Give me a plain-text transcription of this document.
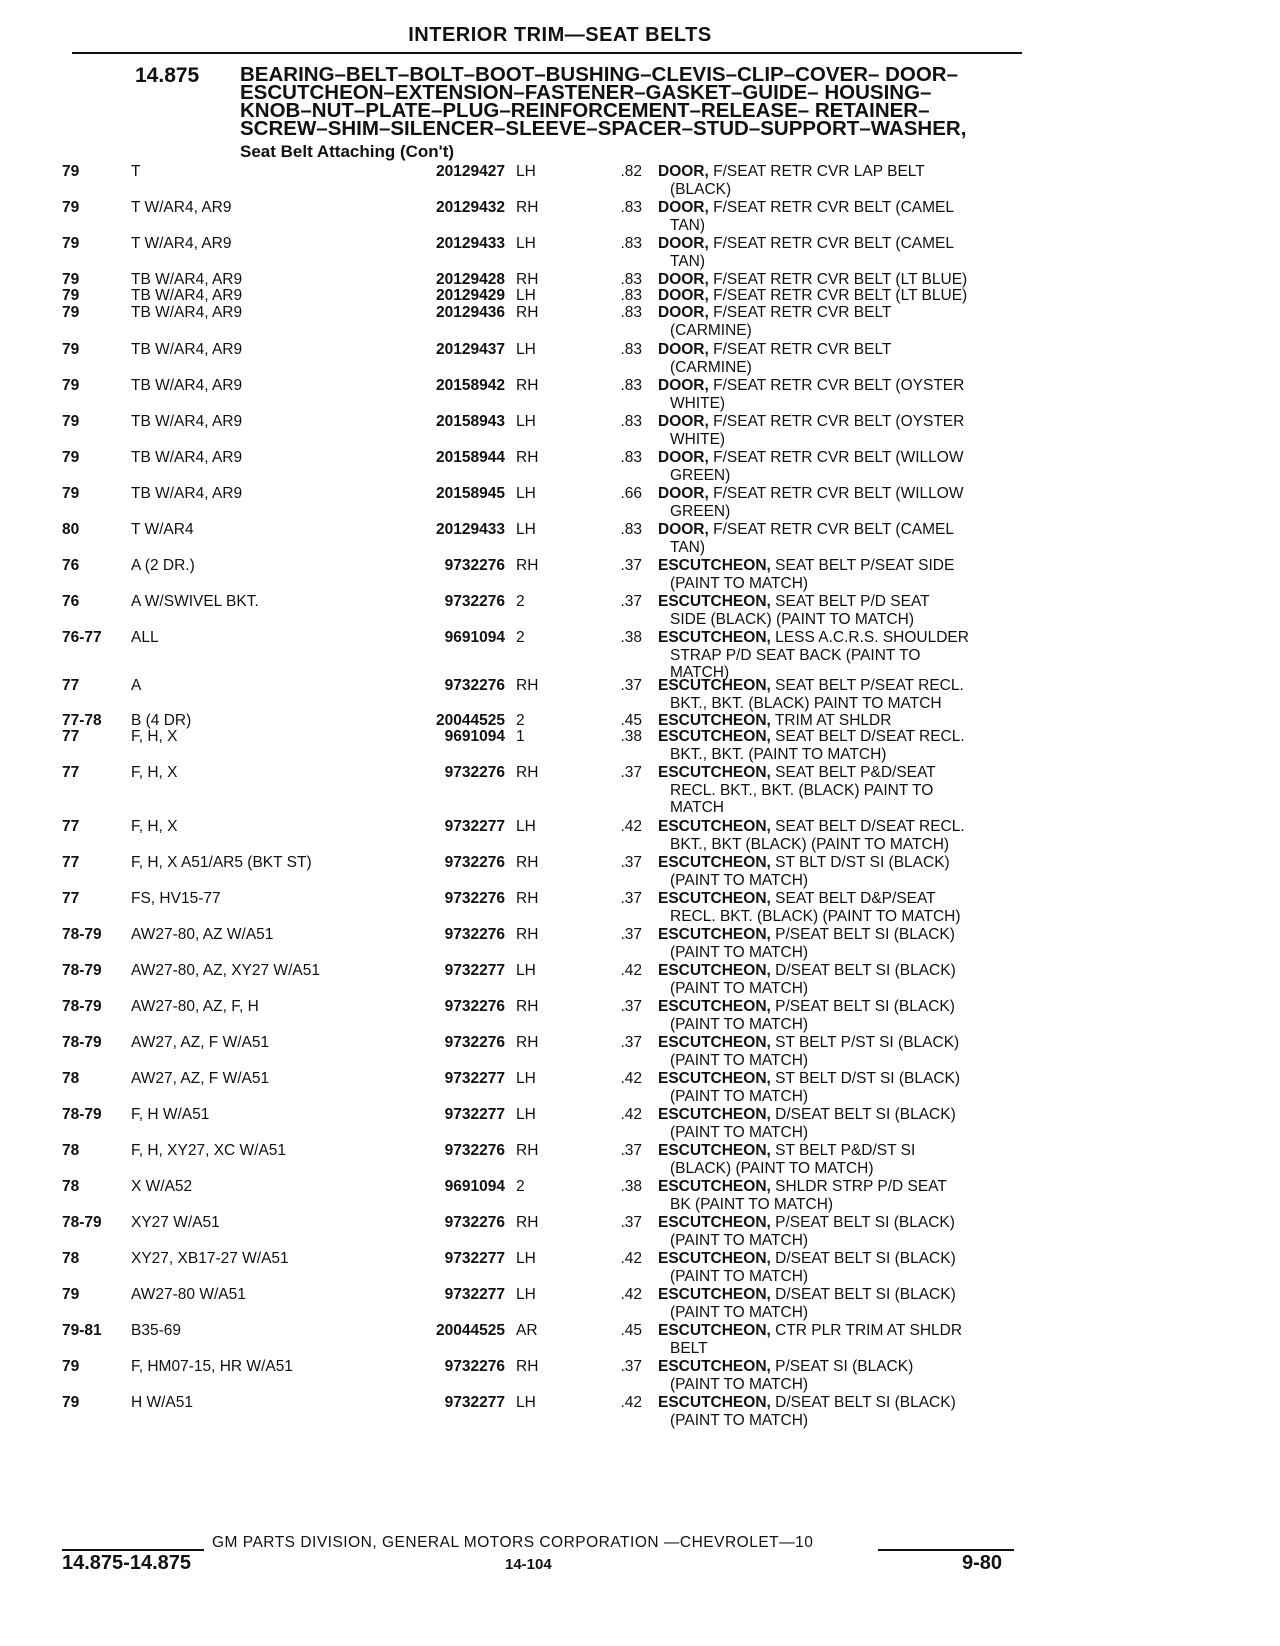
INTERIOR TRIM—SEAT BELTS
14.875 BEARING–BELT–BOLT–BOOT–BUSHING–CLEVIS–CLIP–COVER– DOOR–
ESCUTCHEON–EXTENSION–FASTENER–GASKET–GUIDE– HOUSING–
KNOB–NUT–PLATE–PLUG–REINFORCEMENT–RELEASE– RETAINER–
SCREW–SHIM–SILENCER–SLEEVE–SPACER–STUD–SUPPORT–WASHER,
Seat Belt Attaching (Con't)
79	T	20129427 LH	.82 DOOR, F/SEAT RETR CVR LAP BELT
(BLACK)
79	T W/AR4, AR9	20129432 RH	.83 DOOR, F/SEAT RETR CVR BELT (CAMEL
TAN)
79	T W/AR4, AR9	20129433 LH	.83 DOOR, F/SEAT RETR CVR BELT (CAMEL
TAN)
79	TB W/AR4, AR9	20129428 RH	.83 DOOR, F/SEAT RETR CVR BELT (LT BLUE)
79	TB W/AR4, AR9	20129429 LH	.83 DOOR, F/SEAT RETR CVR BELT (LT BLUE)
79	TB W/AR4, AR9	20129436 RH	.83 DOOR, F/SEAT RETR CVR BELT
(CARMINE)
79	TB W/AR4, AR9	20129437 LH	.83 DOOR, F/SEAT RETR CVR BELT
(CARMINE)
79	TB W/AR4, AR9	20158942 RH	.83 DOOR, F/SEAT RETR CVR BELT (OYSTER
WHITE)
79	TB W/AR4, AR9	20158943 LH	.83 DOOR, F/SEAT RETR CVR BELT (OYSTER
WHITE)
79	TB W/AR4, AR9	20158944 RH	.83 DOOR, F/SEAT RETR CVR BELT (WILLOW
GREEN)
79	TB W/AR4, AR9	20158945 LH	.66 DOOR, F/SEAT RETR CVR BELT (WILLOW
GREEN)
80	T W/AR4	20129433 LH	.83 DOOR, F/SEAT RETR CVR BELT (CAMEL
TAN)
76	A (2 DR.)	9732276 RH	.37 ESCUTCHEON, SEAT BELT P/SEAT SIDE
(PAINT TO MATCH)
76	A W/SWIVEL BKT.	9732276 2	.37 ESCUTCHEON, SEAT BELT P/D SEAT
SIDE (BLACK) (PAINT TO MATCH)
76-77	ALL	9691094 2	.38 ESCUTCHEON, LESS A.C.R.S. SHOULDER
STRAP P/D SEAT BACK (PAINT TO
MATCH)
77	A	9732276 RH	.37 ESCUTCHEON, SEAT BELT P/SEAT RECL.
BKT., BKT. (BLACK) PAINT TO MATCH
77-78	B (4 DR)	20044525 2	.45 ESCUTCHEON, TRIM AT SHLDR
77	F, H, X	9691094 1	.38 ESCUTCHEON, SEAT BELT D/SEAT RECL.
BKT., BKT. (PAINT TO MATCH)
77	F, H, X	9732276 RH	.37 ESCUTCHEON, SEAT BELT P&D/SEAT
RECL. BKT., BKT. (BLACK) PAINT TO
MATCH
77	F, H, X	9732277 LH	.42 ESCUTCHEON, SEAT BELT D/SEAT RECL.
BKT., BKT (BLACK) (PAINT TO MATCH)
77	F, H, X A51/AR5 (BKT ST)	9732276 RH	.37 ESCUTCHEON, ST BLT D/ST SI (BLACK)
(PAINT TO MATCH)
77	FS, HV15-77	9732276 RH	.37 ESCUTCHEON, SEAT BELT D&P/SEAT
RECL. BKT. (BLACK) (PAINT TO MATCH)
78-79	AW27-80, AZ W/A51	9732276 RH	.37 ESCUTCHEON, P/SEAT BELT SI (BLACK)
(PAINT TO MATCH)
78-79	AW27-80, AZ, XY27 W/A51	9732277 LH	.42 ESCUTCHEON, D/SEAT BELT SI (BLACK)
(PAINT TO MATCH)
78-79	AW27-80, AZ, F, H	9732276 RH	.37 ESCUTCHEON, P/SEAT BELT SI (BLACK)
(PAINT TO MATCH)
78-79	AW27, AZ, F W/A51	9732276 RH	.37 ESCUTCHEON, ST BELT P/ST SI (BLACK)
(PAINT TO MATCH)
78	AW27, AZ, F W/A51	9732277 LH	.42 ESCUTCHEON, ST BELT D/ST SI (BLACK)
(PAINT TO MATCH)
78-79	F, H W/A51	9732277 LH	.42 ESCUTCHEON, D/SEAT BELT SI (BLACK)
(PAINT TO MATCH)
78	F, H, XY27, XC W/A51	9732276 RH	.37 ESCUTCHEON, ST BELT P&D/ST SI
(BLACK) (PAINT TO MATCH)
78	X W/A52	9691094 2	.38 ESCUTCHEON, SHLDR STRP P/D SEAT
BK (PAINT TO MATCH)
78-79	XY27 W/A51	9732276 RH	.37 ESCUTCHEON, P/SEAT BELT SI (BLACK)
(PAINT TO MATCH)
78	XY27, XB17-27 W/A51	9732277 LH	.42 ESCUTCHEON, D/SEAT BELT SI (BLACK)
(PAINT TO MATCH)
79	AW27-80 W/A51	9732277 LH	.42 ESCUTCHEON, D/SEAT BELT SI (BLACK)
(PAINT TO MATCH)
79-81	B35-69	20044525 AR	.45 ESCUTCHEON, CTR PLR TRIM AT SHLDR
BELT
79	F, HM07-15, HR W/A51	9732276 RH	.37 ESCUTCHEON, P/SEAT SI (BLACK)
(PAINT TO MATCH)
79	H W/A51	9732277 LH	.42 ESCUTCHEON, D/SEAT BELT SI (BLACK)
(PAINT TO MATCH)
GM PARTS DIVISION, GENERAL MOTORS CORPORATION —CHEVROLET—10
14.875-14.875	14-104	9-80
